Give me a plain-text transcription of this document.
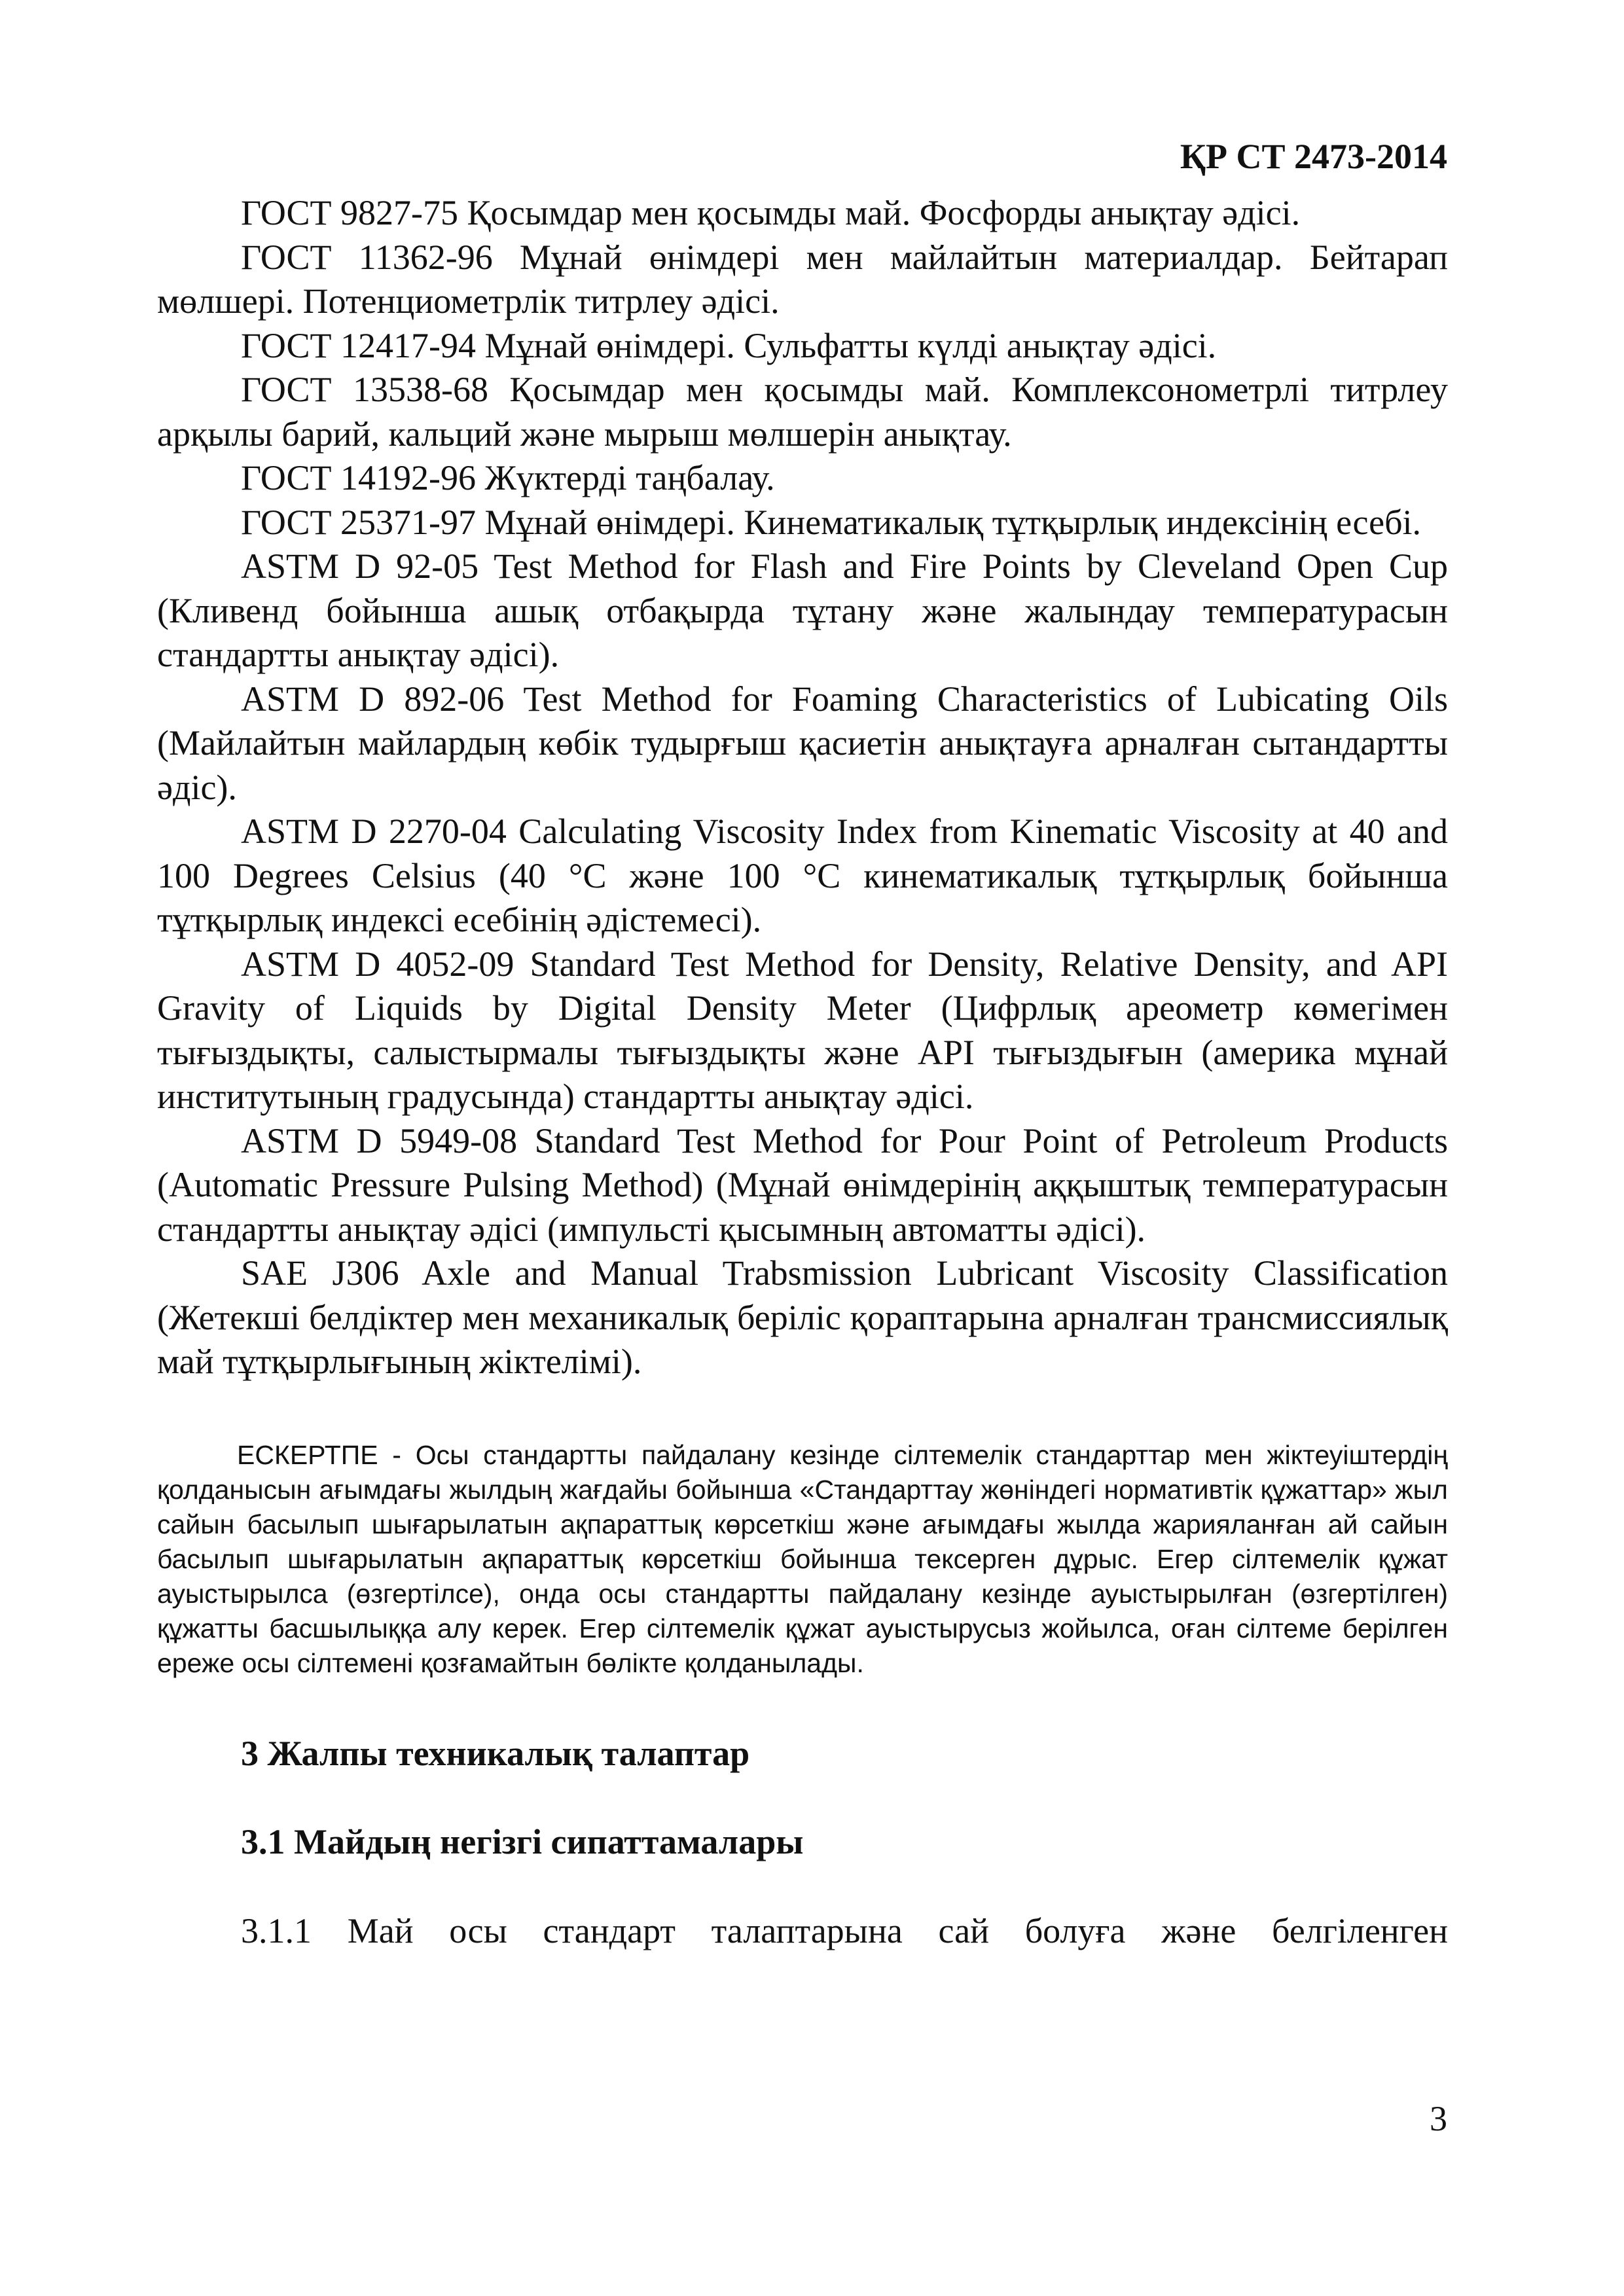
ҚР СТ 2473-2014

ГОСТ 9827-75 Қосымдар мен қосымды май. Фосфорды анықтау әдісі.

ГОСТ 11362-96 Мұнай өнімдері мен майлайтын материалдар. Бейтарап мөлшері. Потенциометрлік титрлеу әдісі.

ГОСТ 12417-94 Мұнай өнімдері. Сульфатты күлді анықтау әдісі.

ГОСТ 13538-68 Қосымдар мен қосымды май. Комплексонометрлі титрлеу арқылы барий, кальций және мырыш мөлшерін анықтау.

ГОСТ 14192-96 Жүктерді таңбалау.

ГОСТ 25371-97 Мұнай өнімдері. Кинематикалық тұтқырлық индексінің есебі.

ASTM D 92-05 Test Method for Flash and Fire Points by Cleveland Open Cup (Кливенд бойынша ашық отбақырда тұтану және жалындау температурасын стандартты анықтау әдісі).

ASTM D 892-06 Test Method for Foaming Characteristics of Lubicating Oils (Майлайтын майлардың көбік тудырғыш қасиетін анықтауға арналған сытандартты әдіс).

ASTM D 2270-04 Calculating Viscosity Index from Kinematic Viscosity at 40 and 100 Degrees Celsius (40 °С және 100 °С кинематикалық тұтқырлық бойынша тұтқырлық индексі есебінің әдістемесі).

ASTM D 4052-09 Standard Test Method for Density, Relative Density, and API Gravity of Liquids by Digital Density Meter (Цифрлық ареометр көмегімен тығыздықты, салыстырмалы тығыздықты және API тығыздығын (америка мұнай институтының градусында) стандартты анықтау әдісі.

ASTM D 5949-08 Standard Test Method for Pour Point of Petroleum Products (Automatic Pressure Pulsing Method) (Мұнай өнімдерінің аққыштық температурасын стандартты анықтау әдісі (импульсті қысымның автоматты әдісі).

SAE J306 Axle and Manual Trabsmission Lubricant Viscosity Classification (Жетекші белдіктер мен механикалық беріліс қораптарына арналған трансмиссиялық май тұтқырлығының жіктелімі).

ЕСКЕРТПЕ - Осы стандартты пайдалану кезінде сілтемелік стандарттар мен жіктеуіштердің қолданысын ағымдағы жылдың жағдайы бойынша «Стандарттау жөніндегі нормативтік құжаттар» жыл сайын басылып шығарылатын ақпараттық көрсеткіш және ағымдағы жылда жарияланған ай сайын басылып шығарылатын ақпараттық көрсеткіш бойынша тексерген дұрыс. Егер сілтемелік құжат ауыстырылса (өзгертілсе), онда осы стандартты пайдалану кезінде ауыстырылған (өзгертілген) құжатты басшылыққа алу керек. Егер сілтемелік құжат ауыстырусыз жойылса, оған сілтеме берілген ереже осы сілтемені қозғамайтын бөлікте қолданылады.

3 Жалпы техникалық талаптар
3.1 Майдың негізгі сипаттамалары

3.1.1 Май осы стандарт талаптарына сай болуға және белгіленген

3
